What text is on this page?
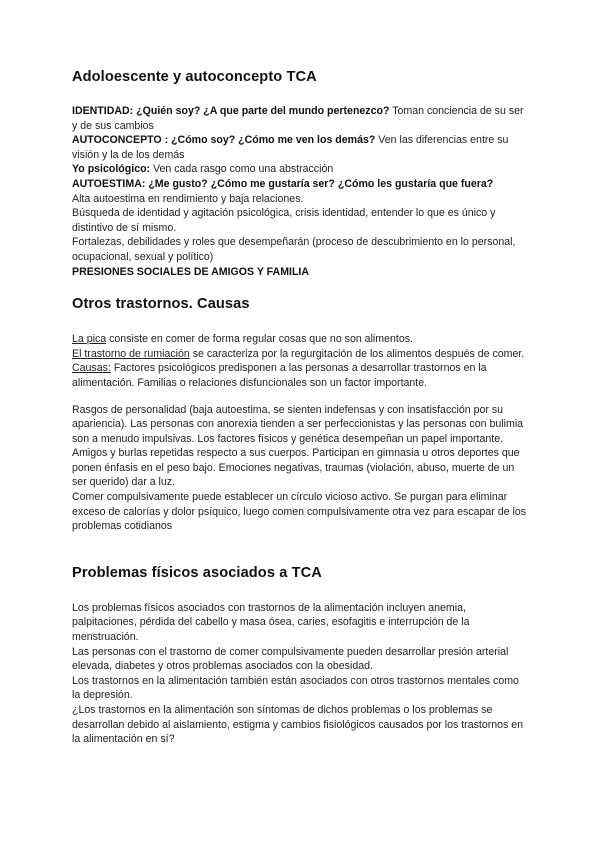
Adoloescente y autoconcepto TCA

IDENTIDAD: ¿Quién soy? ¿A que parte del mundo pertenezco? Toman conciencia de su ser y de sus cambios

AUTOCONCEPTO : ¿Cómo soy? ¿Cómo me ven los demás? Ven las diferencias entre su visión y la de los demás

Yo psicológico: Ven cada rasgo como una abstracción

AUTOESTIMA: ¿Me gusto? ¿Cómo me gustaría ser? ¿Cómo les gustaría que fuera?

Alta autoestima en rendimiento y baja relaciones.

Búsqueda de identidad y agitación psicológica, crisis identidad, entender lo que es único y distintivo de sí mismo.

Fortalezas, debilidades y roles que desempeñarán (proceso de descubrimiento en lo personal, ocupacional, sexual y político)

PRESIONES SOCIALES DE AMIGOS Y FAMILIA

Otros trastornos. Causas

La pica consiste en comer de forma regular cosas que no son alimentos.

El trastorno de rumiación se caracteriza por la regurgitación de los alimentos después de comer.

Causas: Factores psicológicos predisponen a las personas a desarrollar trastornos en la alimentación. Familias o relaciones disfuncionales son un factor importante.

Rasgos de personalidad (baja autoestima, se sienten indefensas y con insatisfacción por su apariencia). Las personas con anorexia tienden a ser perfeccionistas y las personas con bulimia son a menudo impulsivas. Los factores físicos y genética desempeñan un papel importante.

Amigos y burlas repetidas respecto a sus cuerpos. Participan en gimnasia u otros deportes que ponen énfasis en el peso bajo. Emociones negativas, traumas (violación, abuso, muerte de un ser querido) dar a luz.

Comer compulsivamente puede establecer un círculo vicioso activo. Se purgan para eliminar exceso de calorías y dolor psíquico, luego comen compulsivamente otra vez para escapar de los problemas cotidianos

Problemas físicos asociados a TCA

Los problemas físicos asociados con trastornos de la alimentación incluyen anemia, palpitaciones, pérdida del cabello y masa ósea, caries, esofagitis e interrupción de la menstruación.

Las personas con el trastorno de comer compulsivamente pueden desarrollar presión arterial elevada, diabetes y otros problemas asociados con la obesidad.

Los trastornos en la alimentación también están asociados con otros trastornos mentales como la depresión.

¿Los trastornos en la alimentación son síntomas de dichos problemas o los problemas se desarrollan debido al aislamiento, estigma y cambios fisiológicos causados por los trastornos en la alimentación en sí?
